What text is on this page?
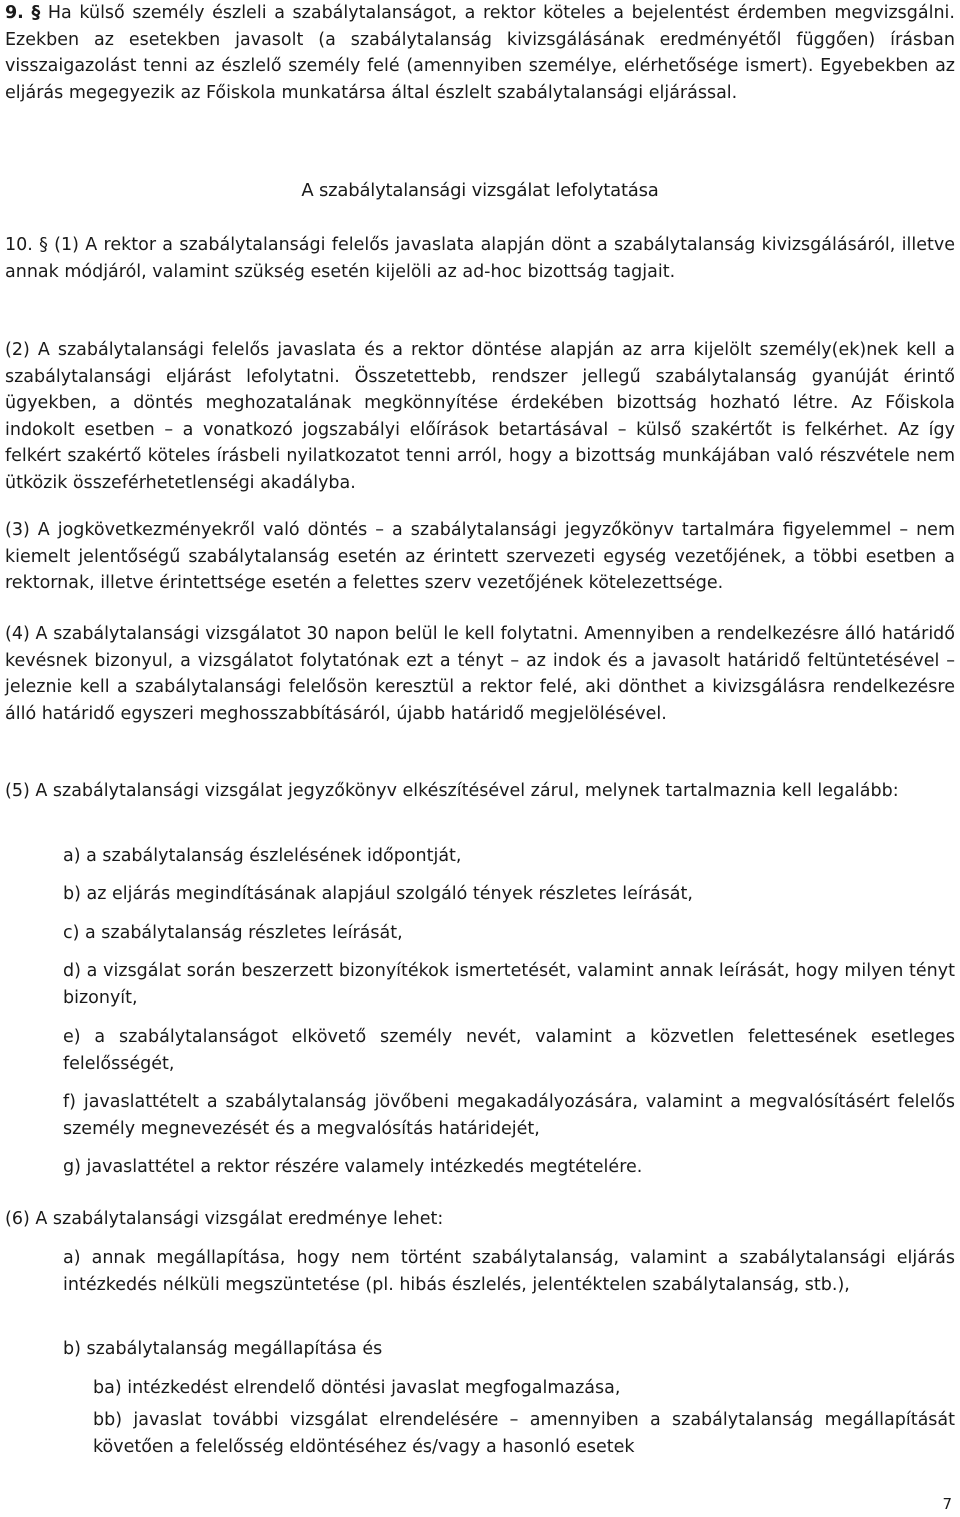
9. § Ha külső személy észleli a szabálytalanságot, a rektor köteles a bejelentést érdemben megvizsgálni. Ezekben az esetekben javasolt (a szabálytalanság kivizsgálásának eredményétől függően) írásban visszaigazolást tenni az észlelő személy felé (amennyiben személye, elérhetősége ismert). Egyebekben az eljárás megegyezik az Főiskola munkatársa által észlelt szabálytalansági eljárással.

A szabálytalansági vizsgálat lefolytatása

10. § (1) A rektor a szabálytalansági felelős javaslata alapján dönt a szabálytalanság kivizsgálásáról, illetve annak módjáról, valamint szükség esetén kijelöli az ad-hoc bizottság tagjait.

(2) A szabálytalansági felelős javaslata és a rektor döntése alapján az arra kijelölt személy(ek)nek kell a szabálytalansági eljárást lefolytatni. Összetettebb, rendszer jellegű szabálytalanság gyanúját érintő ügyekben, a döntés meghozatalának megkönnyítése érdekében bizottság hozható létre. Az Főiskola indokolt esetben – a vonatkozó jogszabályi előírások betartásával – külső szakértőt is felkérhet. Az így felkért szakértő köteles írásbeli nyilatkozatot tenni arról, hogy a bizottság munkájában való részvétele nem ütközik összeférhetetlenségi akadályba.

(3) A jogkövetkezményekről való döntés – a szabálytalansági jegyzőkönyv tartalmára figyelemmel – nem kiemelt jelentőségű szabálytalanság esetén az érintett szervezeti egység vezetőjének, a többi esetben a rektornak, illetve érintettsége esetén a felettes szerv vezetőjének kötelezettsége.

(4) A szabálytalansági vizsgálatot 30 napon belül le kell folytatni. Amennyiben a rendelkezésre álló határidő kevésnek bizonyul, a vizsgálatot folytatónak ezt a tényt – az indok és a javasolt határidő feltüntetésével – jeleznie kell a szabálytalansági felelősön keresztül a rektor felé, aki dönthet a kivizsgálásra rendelkezésre álló határidő egyszeri meghosszabbításáról, újabb határidő megjelölésével.

(5) A szabálytalansági vizsgálat jegyzőkönyv elkészítésével zárul, melynek tartalmaznia kell legalább:

a) a szabálytalanság észlelésének időpontját,

b) az eljárás megindításának alapjául szolgáló tények részletes leírását,

c) a szabálytalanság részletes leírását,

d) a vizsgálat során beszerzett bizonyítékok ismertetését, valamint annak leírását, hogy milyen tényt bizonyít,

e) a szabálytalanságot elkövető személy nevét, valamint a közvetlen felettesének esetleges felelősségét,

f) javaslattételt a szabálytalanság jövőbeni megakadályozására, valamint a megvalósításért felelős személy megnevezését és a megvalósítás határidejét,

g) javaslattétel a rektor részére valamely intézkedés megtételére.

(6) A szabálytalansági vizsgálat eredménye lehet:

a) annak megállapítása, hogy nem történt szabálytalanság, valamint a szabálytalansági eljárás intézkedés nélküli megszüntetése (pl. hibás észlelés, jelentéktelen szabálytalanság, stb.),

b) szabálytalanság megállapítása és

ba) intézkedést elrendelő döntési javaslat megfogalmazása,

bb) javaslat további vizsgálat elrendelésére – amennyiben a szabálytalanság megállapítását követően a felelősség eldöntéséhez és/vagy a hasonló esetek

7
